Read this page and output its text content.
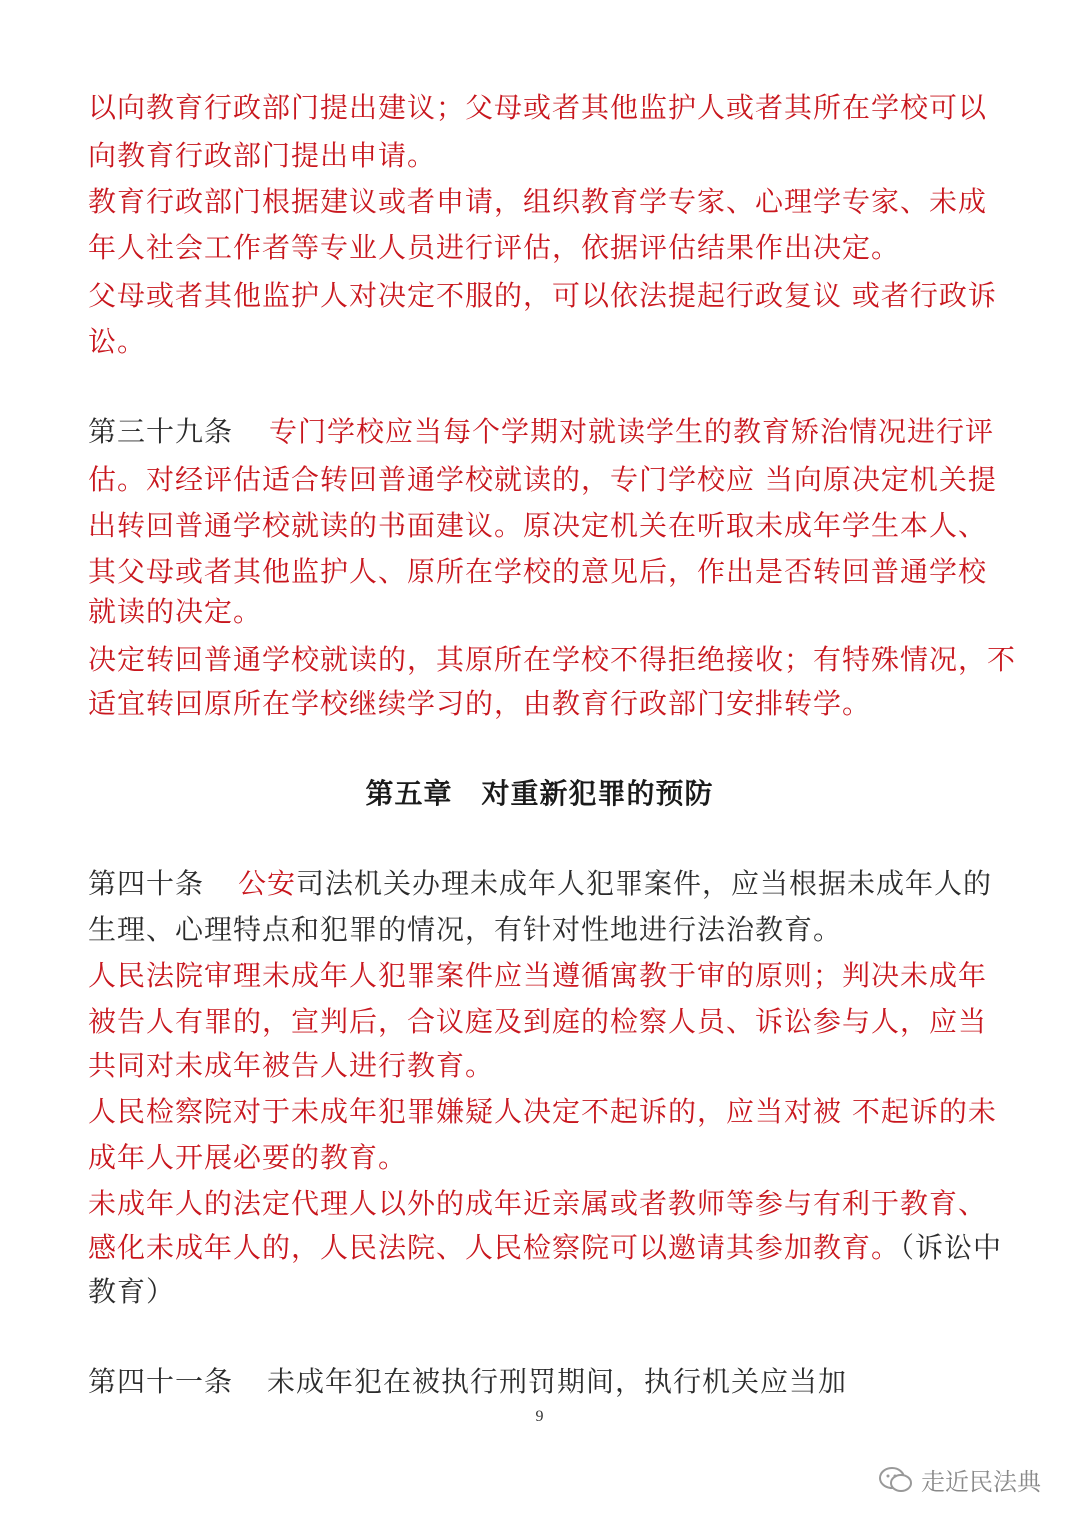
以向教育行政部门提出建议；父母或者其他监护人或者其所在学校可以
向教育行政部门提出申请。
教育行政部门根据建议或者申请，组织教育学专家、心理学专家、未成
年人社会工作者等专业人员进行评估，依据评估结果作出决定。
父母或者其他监护人对决定不服的，可以依法提起行政复议 或者行政诉
讼。
第三十九条 专门学校应当每个学期对就读学生的教育矫治情况进行评
估。对经评估适合转回普通学校就读的，专门学校应 当向原决定机关提
出转回普通学校就读的书面建议。原决定机关在听取未成年学生本人、
其父母或者其他监护人、原所在学校的意见后，作出是否转回普通学校
就读的决定。
决定转回普通学校就读的，其原所在学校不得拒绝接收；有特殊情况，不
适宜转回原所在学校继续学习的，由教育行政部门安排转学。
第五章　对重新犯罪的预防
第四十条 公安司法机关办理未成年人犯罪案件，应当根据未成年人的
生理、心理特点和犯罪的情况，有针对性地进行法治教育。
人民法院审理未成年人犯罪案件应当遵循寓教于审的原则；判决未成年
被告人有罪的，宣判后，合议庭及到庭的检察人员、诉讼参与人，应当
共同对未成年被告人进行教育。
人民检察院对于未成年犯罪嫌疑人决定不起诉的，应当对被 不起诉的未
成年人开展必要的教育。
未成年人的法定代理人以外的成年近亲属或者教师等参与有利于教育、
感化未成年人的，人民法院、人民检察院可以邀请其参加教育。（诉讼中
教育）
第四十一条 未成年犯在被执行刑罚期间，执行机关应当加
9
走近民法典
